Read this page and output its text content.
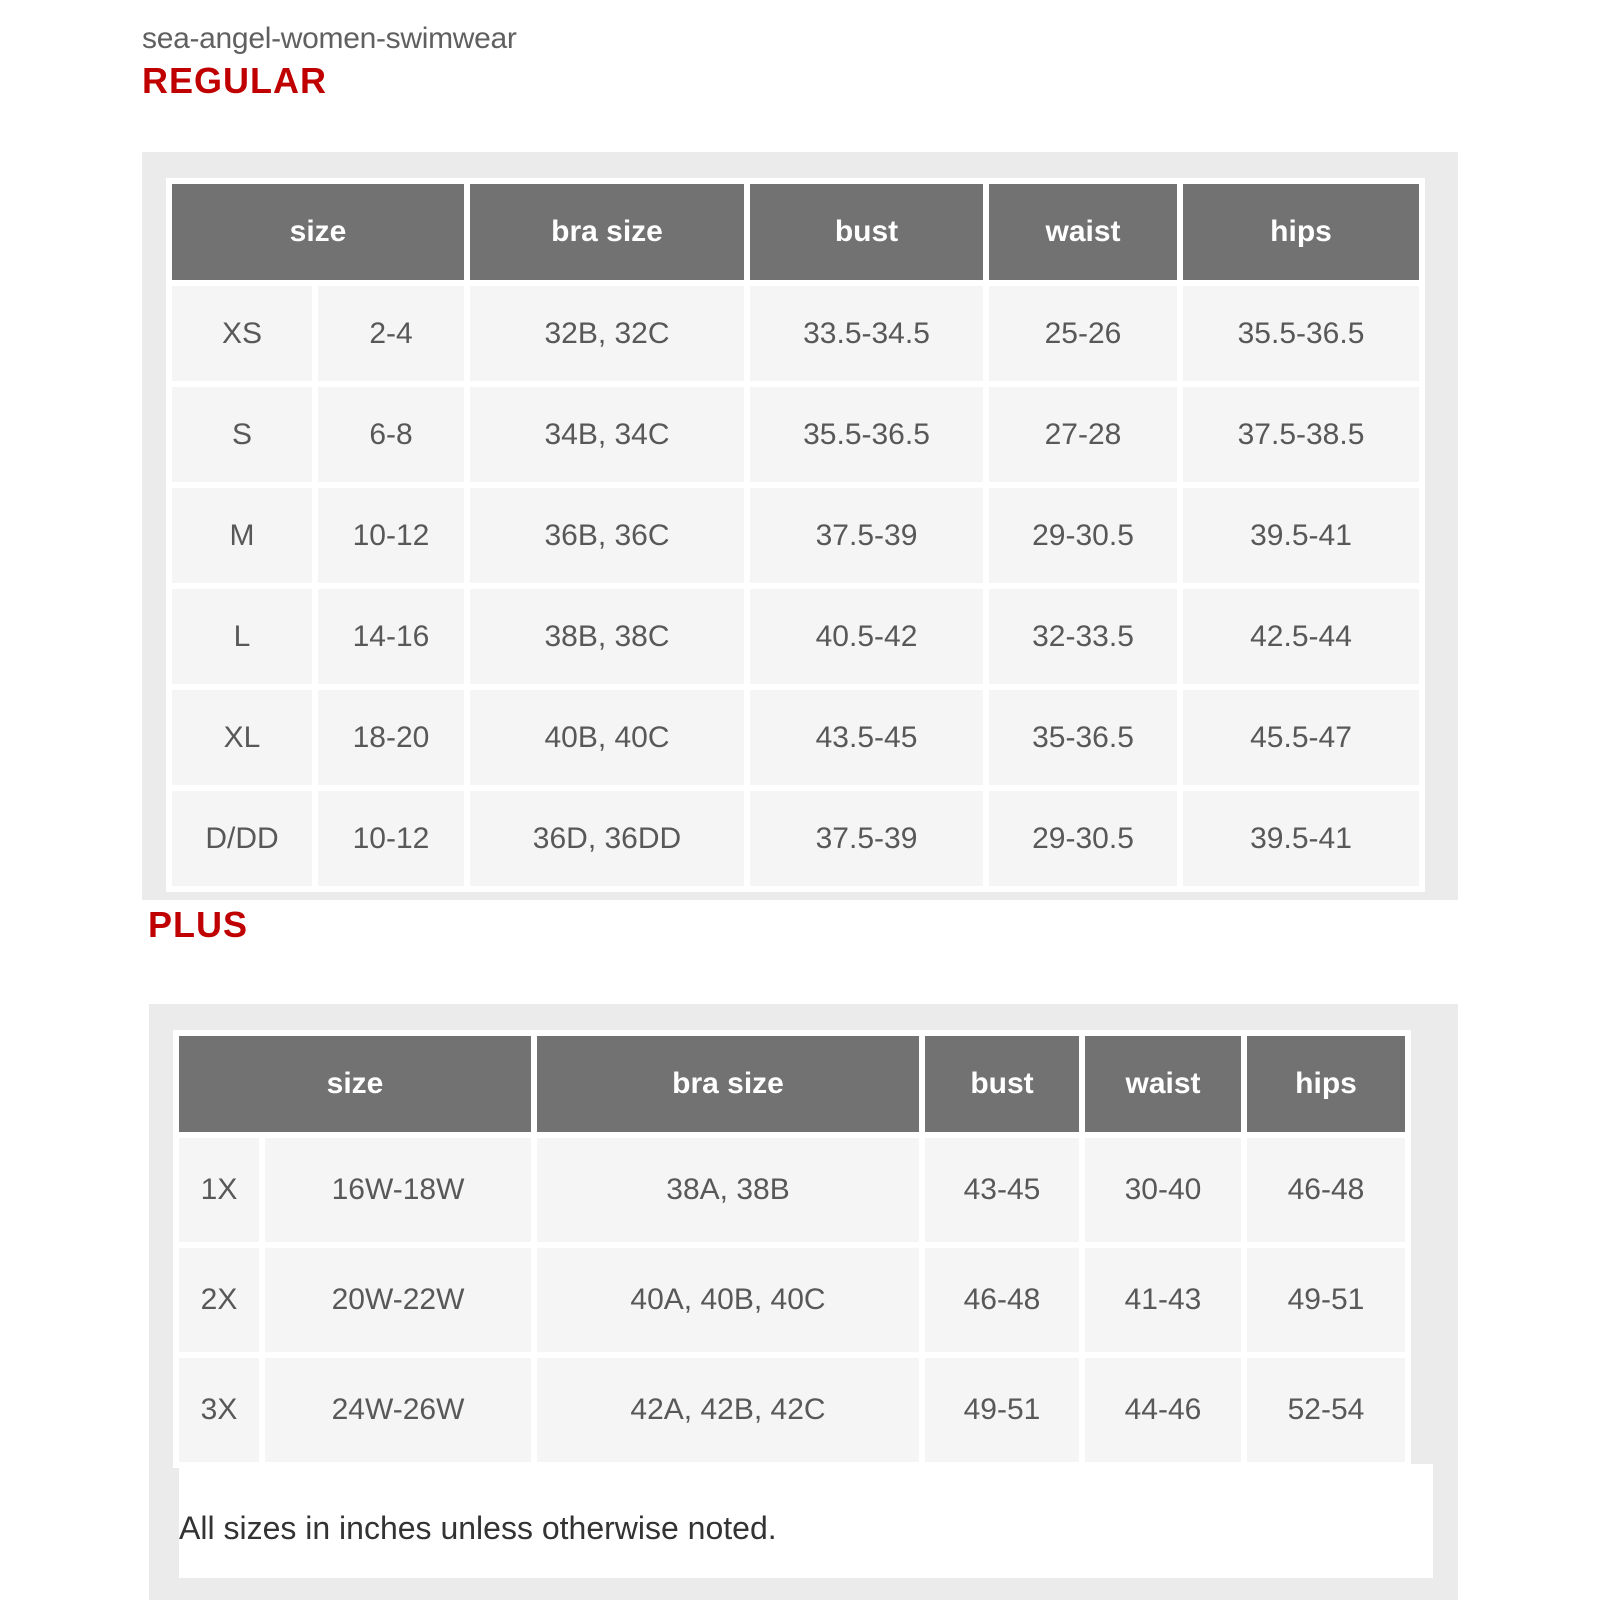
sea-angel-women-swimwear
REGULAR
size		bra size	bust	waist	hips
XS	2-4	32B, 32C	33.5-34.5	25-26	35.5-36.5
S	6-8	34B, 34C	35.5-36.5	27-28	37.5-38.5
M	10-12	36B, 36C	37.5-39	29-30.5	39.5-41
L	14-16	38B, 38C	40.5-42	32-33.5	42.5-44
XL	18-20	40B, 40C	43.5-45	35-36.5	45.5-47
D/DD	10-12	36D, 36DD	37.5-39	29-30.5	39.5-41
PLUS
size		bra size	bust	waist	hips
1X	16W-18W	38A, 38B	43-45	30-40	46-48
2X	20W-22W	40A, 40B, 40C	46-48	41-43	49-51
3X	24W-26W	42A, 42B, 42C	49-51	44-46	52-54
All sizes in inches unless otherwise noted.
